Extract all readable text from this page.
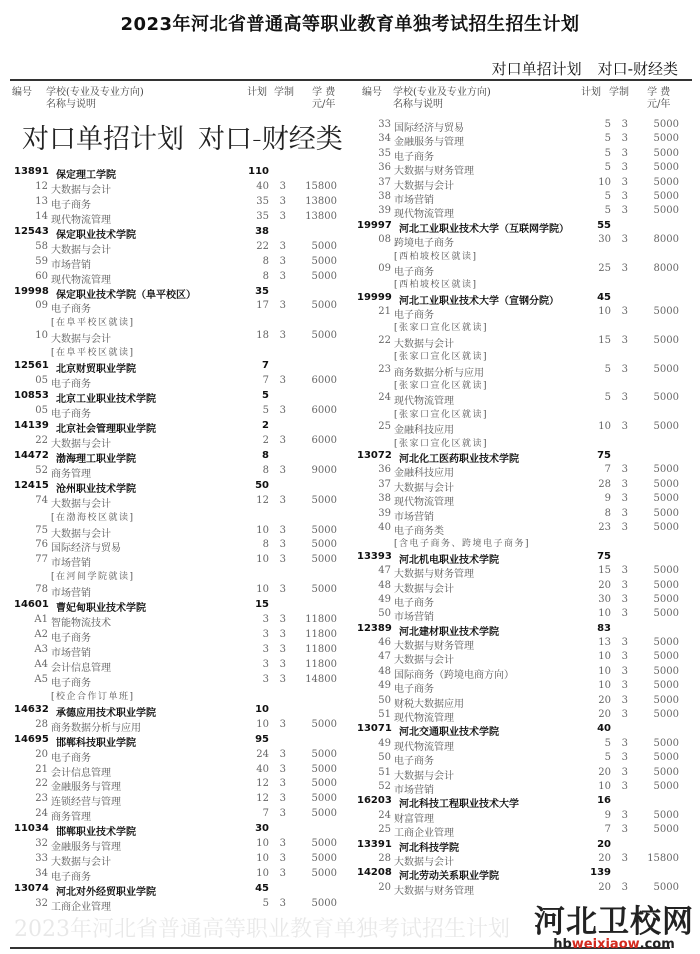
2023年河北省普通高等职业教育单独考试招生计划
2023年河北省普通高等职业教育单独考试招生招生计划
对口单招计划 对口-财经类
编号 学校(专业及专业方向)
名称与说明
计划 学制 学 费
元/年
编号 学校(专业及专业方向)
名称与说明
计划 学制 学 费
元/年
对口单招计划 对口-财经类
13891 保定理工学院	110
12 大数据与会计	40 3 15800
13 电子商务	35 3 13800
14 现代物流管理	35 3 13800
12543 保定职业技术学院	38
58 大数据与会计	22 3	5000
59 市场营销	8 3	5000
60 现代物流管理	8 3	5000
19998 保定职业技术学院（阜平校区）	35
09 电子商务	17 3	5000
[在阜平校区就读]
10 大数据与会计	18 3	5000
[在阜平校区就读]
12561 北京财贸职业学院	7
05 电子商务	7 3	6000
10853 北京工业职业技术学院	5
05 电子商务	5 3	6000
14139 北京社会管理职业学院	2
22 大数据与会计	2 3	6000
14472 渤海理工职业学院	8
52 商务管理	8 3	9000
12415 沧州职业技术学院	50
74 大数据与会计	12 3	5000
[在渤海校区就读]
75 大数据与会计	10 3	5000
76 国际经济与贸易	8 3	5000
77 市场营销	10 3	5000
[在河间学院就读]
78 市场营销	10 3	5000
14601 曹妃甸职业技术学院	15
A1 智能物流技术	3 3 11800
A2 电子商务	3 3 11800
A3 市场营销	3 3 11800
A4 会计信息管理	3 3 11800
A5 电子商务	3 3 14800
[校企合作订单班]
14632 承德应用技术职业学院	10
28 商务数据分析与应用	10 3	5000
14695 邯郸科技职业学院	95
20 电子商务	24 3	5000
21 会计信息管理	40 3	5000
22 金融服务与管理	12 3	5000
23 连锁经营与管理	12 3	5000
24 商务管理	7 3	5000
11034 邯郸职业技术学院	30
32 金融服务与管理	10 3	5000
33 大数据与会计	10 3	5000
34 电子商务	10 3	5000
13074 河北对外经贸职业学院	45
32 工商企业管理	5 3	5000
33 国际经济与贸易	5 3	5000
34 金融服务与管理	5 3	5000
35 电子商务	5 3	5000
36 大数据与财务管理	5 3	5000
37 大数据与会计	10 3	5000
38 市场营销	5 3	5000
39 现代物流管理	5 3	5000
19997 河北工业职业技术大学（互联网学院）	55
08 跨境电子商务	30 3	8000
[西柏坡校区就读]
09 电子商务	25 3	8000
[西柏坡校区就读]
19999 河北工业职业技术大学（宣钢分院）	45
21 电子商务	10 3	5000
[张家口宣化区就读]
22 大数据与会计	15 3	5000
[张家口宣化区就读]
23 商务数据分析与应用	5 3	5000
[张家口宣化区就读]
24 现代物流管理	5 3	5000
[张家口宣化区就读]
25 金融科技应用	10 3	5000
[张家口宣化区就读]
13072 河北化工医药职业技术学院	75
36 金融科技应用	7 3	5000
37 大数据与会计	28 3	5000
38 现代物流管理	9 3	5000
39 市场营销	8 3	5000
40 电子商务类	23 3	5000
[含电子商务、跨境电子商务]
13393 河北机电职业技术学院	75
47 大数据与财务管理	15 3	5000
48 大数据与会计	20 3	5000
49 电子商务	30 3	5000
50 市场营销	10 3	5000
12389 河北建材职业技术学院	83
46 大数据与财务管理	13 3	5000
47 大数据与会计	10 3	5000
48 国际商务（跨境电商方向）	10 3	5000
49 电子商务	10 3	5000
50 财税大数据应用	20 3	5000
51 现代物流管理	20 3	5000
13071 河北交通职业技术学院	40
49 现代物流管理	5 3	5000
50 电子商务	5 3	5000
51 大数据与会计	20 3	5000
52 市场营销	10 3	5000
16203 河北科技工程职业技术大学	16
24 财富管理	9 3	5000
25 工商企业管理	7 3	5000
13391 河北科技学院	20
28 大数据与会计	20 3 15800
14208 河北劳动关系职业学院	139
20 大数据与财务管理	20 3	5000
河北卫校网
hbweixiaow.com
